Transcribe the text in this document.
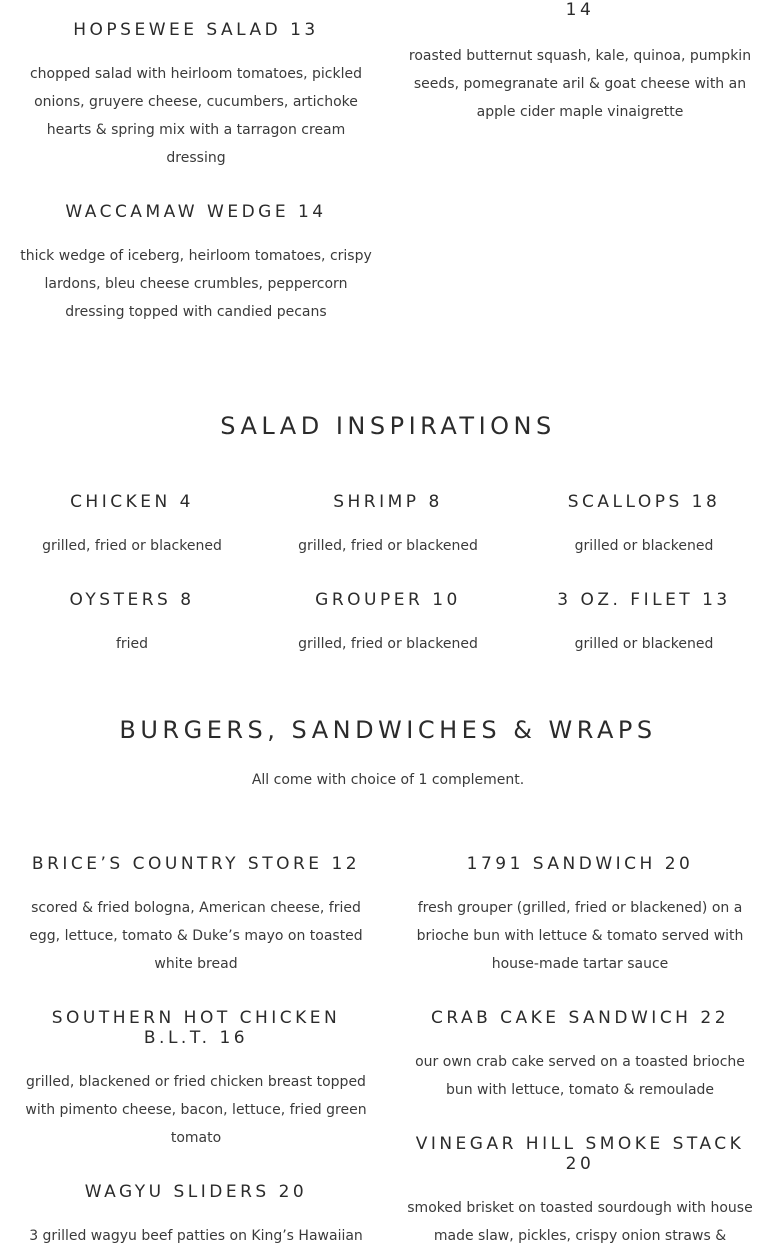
14

roasted butternut squash, kale, quinoa, pumpkin seeds, pomegranate aril & goat cheese with an apple cider maple vinaigrette

HOPSEWEE SALAD 13

chopped salad with heirloom tomatoes, pickled onions, gruyere cheese, cucumbers, artichoke hearts & spring mix with a tarragon cream dressing

WACCAMAW WEDGE 14

thick wedge of iceberg, heirloom tomatoes, crispy lardons, bleu cheese crumbles, peppercorn dressing topped with candied pecans

SALAD INSPIRATIONS
CHICKEN 4

grilled, fried or blackened

SHRIMP 8

grilled, fried or blackened

SCALLOPS 18

grilled or blackened

OYSTERS 8

fried

GROUPER 10

grilled, fried or blackened

3 OZ. FILET 13

grilled or blackened

BURGERS, SANDWICHES & WRAPS

All come with choice of 1 complement.

BRICE’S COUNTRY STORE 12

scored & fried bologna, American cheese, fried egg, lettuce, tomato & Duke’s mayo on toasted white bread

1791 SANDWICH 20

fresh grouper (grilled, fried or blackened) on a brioche bun with lettuce & tomato served with house-made tartar sauce

SOUTHERN HOT CHICKEN B.L.T. 16

grilled, blackened or fried chicken breast topped with pimento cheese, bacon, lettuce, fried green tomato

CRAB CAKE SANDWICH 22

our own crab cake served on a toasted brioche bun with lettuce, tomato & remoulade

WAGYU SLIDERS 20

3 grilled wagyu beef patties on King’s Hawaiian

VINEGAR HILL SMOKE STACK 20

smoked brisket on toasted sourdough with house made slaw, pickles, crispy onion straws &
